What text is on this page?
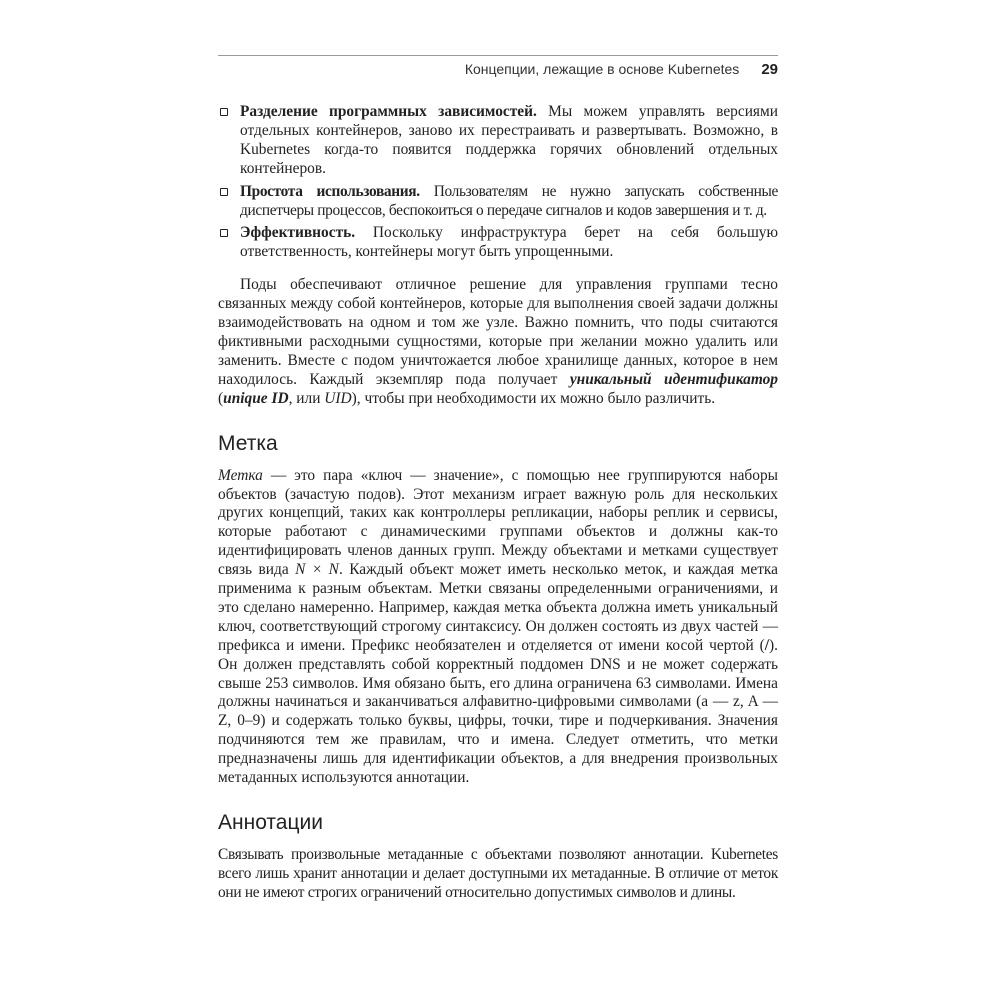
Концепции, лежащие в основе Kubernetes 29

Разделение программных зависимостей. Мы можем управлять версиями отдельных контейнеров, заново их перестраивать и развертывать. Возможно, в Kubernetes когда-то появится поддержка горячих обновлений отдельных контейнеров.

Простота использования. Пользователям не нужно запускать собственные диспетчеры процессов, беспокоиться о передаче сигналов и кодов завершения и т. д.

Эффективность. Поскольку инфраструктура берет на себя большую ответственность, контейнеры могут быть упрощенными.

Поды обеспечивают отличное решение для управления группами тесно связанных между собой контейнеров, которые для выполнения своей задачи должны взаимодействовать на одном и том же узле. Важно помнить, что поды считаются фиктивными расходными сущностями, которые при желании можно удалить или заменить. Вместе с подом уничтожается любое хранилище данных, которое в нем находилось. Каждый экземпляр пода получает уникальный идентификатор (unique ID, или UID), чтобы при необходимости их можно было различить.

Метка

Метка — это пара «ключ — значение», с помощью нее группируются наборы объектов (зачастую подов). Этот механизм играет важную роль для нескольких других концепций, таких как контроллеры репликации, наборы реплик и сервисы, которые работают с динамическими группами объектов и должны как-то идентифицировать членов данных групп. Между объектами и метками существует связь вида N × N. Каждый объект может иметь несколько меток, и каждая метка применима к разным объектам. Метки связаны определенными ограничениями, и это сделано намеренно. Например, каждая метка объекта должна иметь уникальный ключ, соответствующий строгому синтаксису. Он должен состоять из двух частей — префикса и имени. Префикс необязателен и отделяется от имени косой чертой (/). Он должен представлять собой корректный поддомен DNS и не может содержать свыше 253 символов. Имя обязано быть, его длина ограничена 63 символами. Имена должны начинаться и заканчиваться алфавитно-цифровыми символами (a — z, A — Z, 0–9) и содержать только буквы, цифры, точки, тире и подчеркивания. Значения подчиняются тем же правилам, что и имена. Следует отметить, что метки предназначены лишь для идентификации объектов, а для внедрения произвольных метаданных используются аннотации.

Аннотации

Связывать произвольные метаданные с объектами позволяют аннотации. Kubernetes всего лишь хранит аннотации и делает доступными их метаданные. В отличие от меток они не имеют строгих ограничений относительно допустимых символов и длины.
